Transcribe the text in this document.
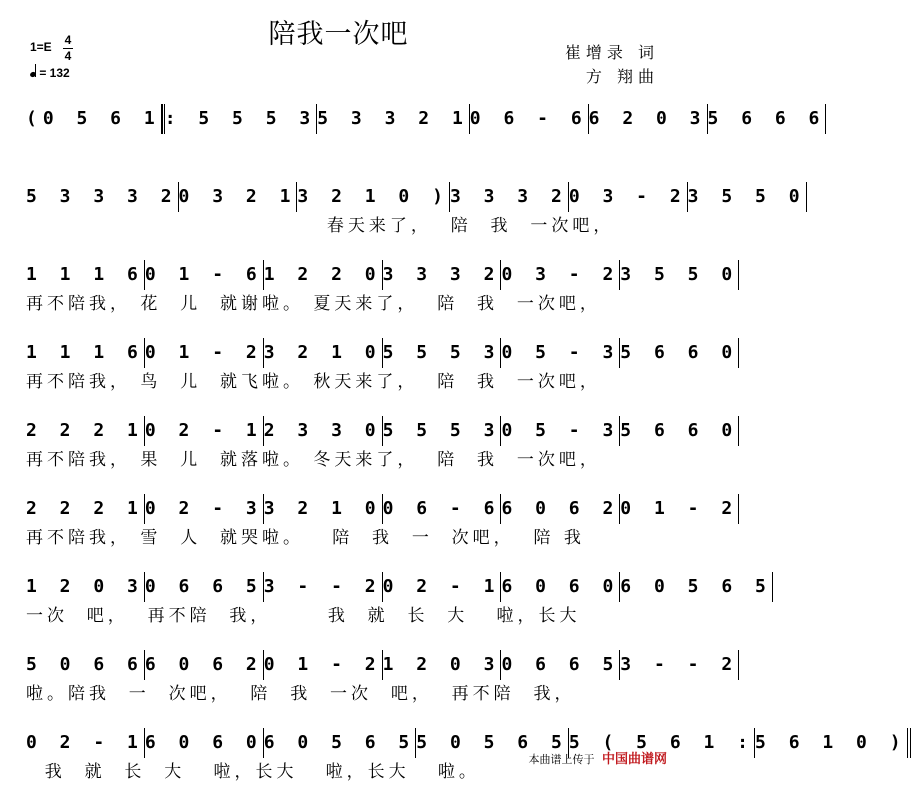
陪我一次吧
1=E 4
4
= 132
崔增录 词
方 翔曲
(0 5 6 1 : 5 5 5 3 5 3 3 2 1 0 6 - 6 6 2 0 3 5 6 6 6
5 3 3 3 2 0 3 2 1 3 2 1 0 ) 3 3 3 2 0 3 - 2 3 5 5 0
春天来了，  陪  我  一次吧，
1 1 1 6 0 1 - 6 1 2 2 0 3 3 3 2 0 3 - 2 3 5 5 0
再不陪我， 花  儿  就谢啦。 夏天来了，  陪  我  一次吧，
1 1 1 6 0 1 - 2 3 2 1 0 5 5 5 3 0 5 - 3 5 6 6 0
再不陪我， 鸟  儿  就飞啦。 秋天来了，  陪  我  一次吧，
2 2 2 1 0 2 - 1 2 3 3 0 5 5 5 3 0 5 - 3 5 6 6 0
再不陪我， 果  儿  就落啦。 冬天来了，  陪  我  一次吧，
2 2 2 1 0 2 - 3 3 2 1 0 0 6 - 6 6 0 6 2 0 1 - 2
再不陪我， 雪  人  就哭啦。   陪  我  一  次吧，  陪 我
1 2 0 3 0 6 6 5 3 - - 2 0 2 - 1 6 0 6 0 6 0 5 6 5
一次  吧，  再不陪  我，      我  就  长  大   啦，长大
5 0 6 6 6 0 6 2 0 1 - 2 1 2 0 3 0 6 6 5 3 - - 2
啦。陪我  一  次吧，  陪  我  一次  吧，  再不陪  我，
0 2 - 1 6 0 6 0 6 0 5 6 5 5 0 5 6 5 5 ( 5 6 1 : 5 6 1 0 )
我  就  长  大   啦，长大   啦，长大   啦。
本曲谱上传于 中国曲谱网
